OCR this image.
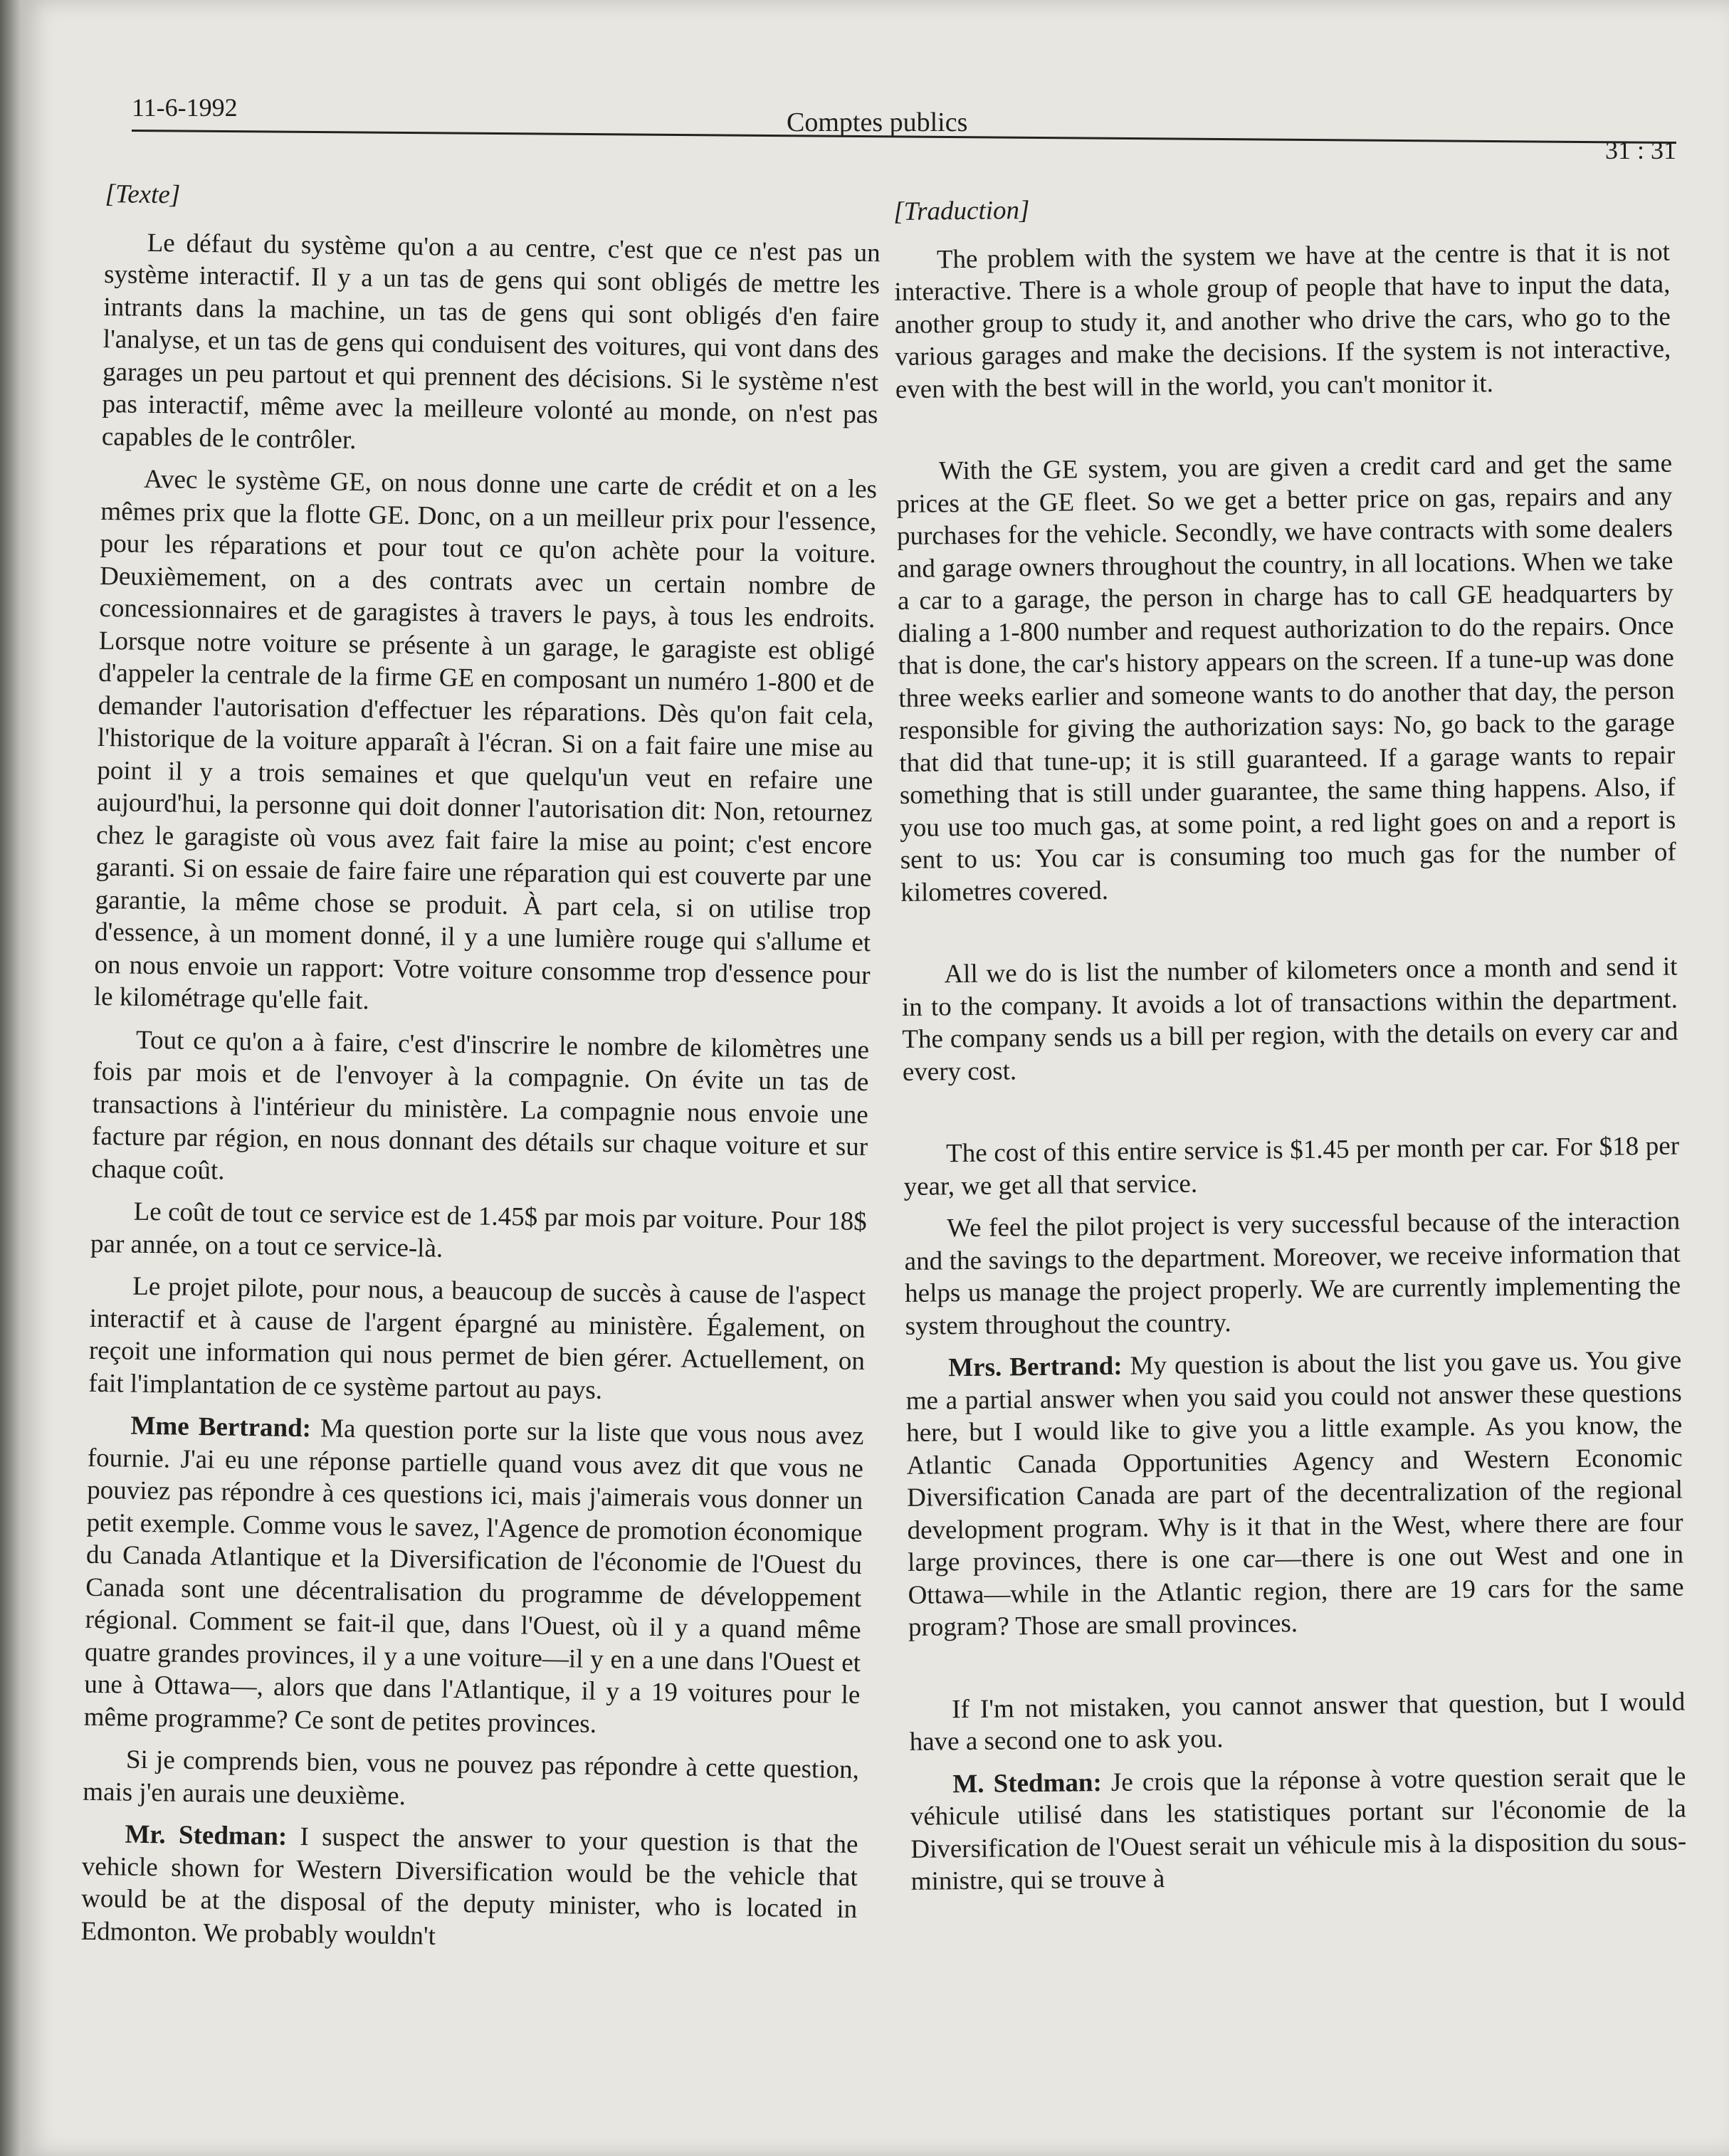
11-6-1992	Comptes publics
31 : 31
[Texte]

Le défaut du système qu'on a au centre, c'est que ce n'est pas un système interactif. Il y a un tas de gens qui sont obligés de mettre les intrants dans la machine, un tas de gens qui sont obligés d'en faire l'analyse, et un tas de gens qui conduisent des voitures, qui vont dans des garages un peu partout et qui prennent des décisions. Si le système n'est pas interactif, même avec la meilleure volonté au monde, on n'est pas capables de le contrôler.

Avec le système GE, on nous donne une carte de crédit et on a les mêmes prix que la flotte GE. Donc, on a un meilleur prix pour l'essence, pour les réparations et pour tout ce qu'on achète pour la voiture. Deuxièmement, on a des contrats avec un certain nombre de concessionnaires et de garagistes à travers le pays, à tous les endroits. Lorsque notre voiture se présente à un garage, le garagiste est obligé d'appeler la centrale de la firme GE en composant un numéro 1-800 et de demander l'autorisation d'effectuer les réparations. Dès qu'on fait cela, l'historique de la voiture apparaît à l'écran. Si on a fait faire une mise au point il y a trois semaines et que quelqu'un veut en refaire une aujourd'hui, la personne qui doit donner l'autorisation dit: Non, retournez chez le garagiste où vous avez fait faire la mise au point; c'est encore garanti. Si on essaie de faire faire une réparation qui est couverte par une garantie, la même chose se produit. À part cela, si on utilise trop d'essence, à un moment donné, il y a une lumière rouge qui s'allume et on nous envoie un rapport: Votre voiture consomme trop d'essence pour le kilométrage qu'elle fait.

Tout ce qu'on a à faire, c'est d'inscrire le nombre de kilomètres une fois par mois et de l'envoyer à la compagnie. On évite un tas de transactions à l'intérieur du ministère. La compagnie nous envoie une facture par région, en nous donnant des détails sur chaque voiture et sur chaque coût.

Le coût de tout ce service est de 1.45$ par mois par voiture. Pour 18$ par année, on a tout ce service-là.

Le projet pilote, pour nous, a beaucoup de succès à cause de l'aspect interactif et à cause de l'argent épargné au ministère. Également, on reçoit une information qui nous permet de bien gérer. Actuellement, on fait l'implantation de ce système partout au pays.

Mme Bertrand: Ma question porte sur la liste que vous nous avez fournie. J'ai eu une réponse partielle quand vous avez dit que vous ne pouviez pas répondre à ces questions ici, mais j'aimerais vous donner un petit exemple. Comme vous le savez, l'Agence de promotion économique du Canada Atlantique et la Diversification de l'économie de l'Ouest du Canada sont une décentralisation du programme de développement régional. Comment se fait-il que, dans l'Ouest, où il y a quand même quatre grandes provinces, il y a une voiture—il y en a une dans l'Ouest et une à Ottawa—, alors que dans l'Atlantique, il y a 19 voitures pour le même programme? Ce sont de petites provinces.

Si je comprends bien, vous ne pouvez pas répondre à cette question, mais j'en aurais une deuxième.

Mr. Stedman: I suspect the answer to your question is that the vehicle shown for Western Diversification would be the vehicle that would be at the disposal of the deputy minister, who is located in Edmonton. We probably wouldn't

[Traduction]

The problem with the system we have at the centre is that it is not interactive. There is a whole group of people that have to input the data, another group to study it, and another who drive the cars, who go to the various garages and make the decisions. If the system is not interactive, even with the best will in the world, you can't monitor it.

With the GE system, you are given a credit card and get the same prices at the GE fleet. So we get a better price on gas, repairs and any purchases for the vehicle. Secondly, we have contracts with some dealers and garage owners throughout the country, in all locations. When we take a car to a garage, the person in charge has to call GE headquarters by dialing a 1-800 number and request authorization to do the repairs. Once that is done, the car's history appears on the screen. If a tune-up was done three weeks earlier and someone wants to do another that day, the person responsible for giving the authorization says: No, go back to the garage that did that tune-up; it is still guaranteed. If a garage wants to repair something that is still under guarantee, the same thing happens. Also, if you use too much gas, at some point, a red light goes on and a report is sent to us: You car is consuming too much gas for the number of kilometres covered.

All we do is list the number of kilometers once a month and send it in to the company. It avoids a lot of transactions within the department. The company sends us a bill per region, with the details on every car and every cost.

The cost of this entire service is $1.45 per month per car. For $18 per year, we get all that service.

We feel the pilot project is very successful because of the interaction and the savings to the department. Moreover, we receive information that helps us manage the project properly. We are currently implementing the system throughout the country.

Mrs. Bertrand: My question is about the list you gave us. You give me a partial answer when you said you could not answer these questions here, but I would like to give you a little example. As you know, the Atlantic Canada Opportunities Agency and Western Economic Diversification Canada are part of the decentralization of the regional development program. Why is it that in the West, where there are four large provinces, there is one car—there is one out West and one in Ottawa—while in the Atlantic region, there are 19 cars for the same program? Those are small provinces.

If I'm not mistaken, you cannot answer that question, but I would have a second one to ask you.

M. Stedman: Je crois que la réponse à votre question serait que le véhicule utilisé dans les statistiques portant sur l'économie de la Diversification de l'Ouest serait un véhicule mis à la disposition du sous-ministre, qui se trouve à
